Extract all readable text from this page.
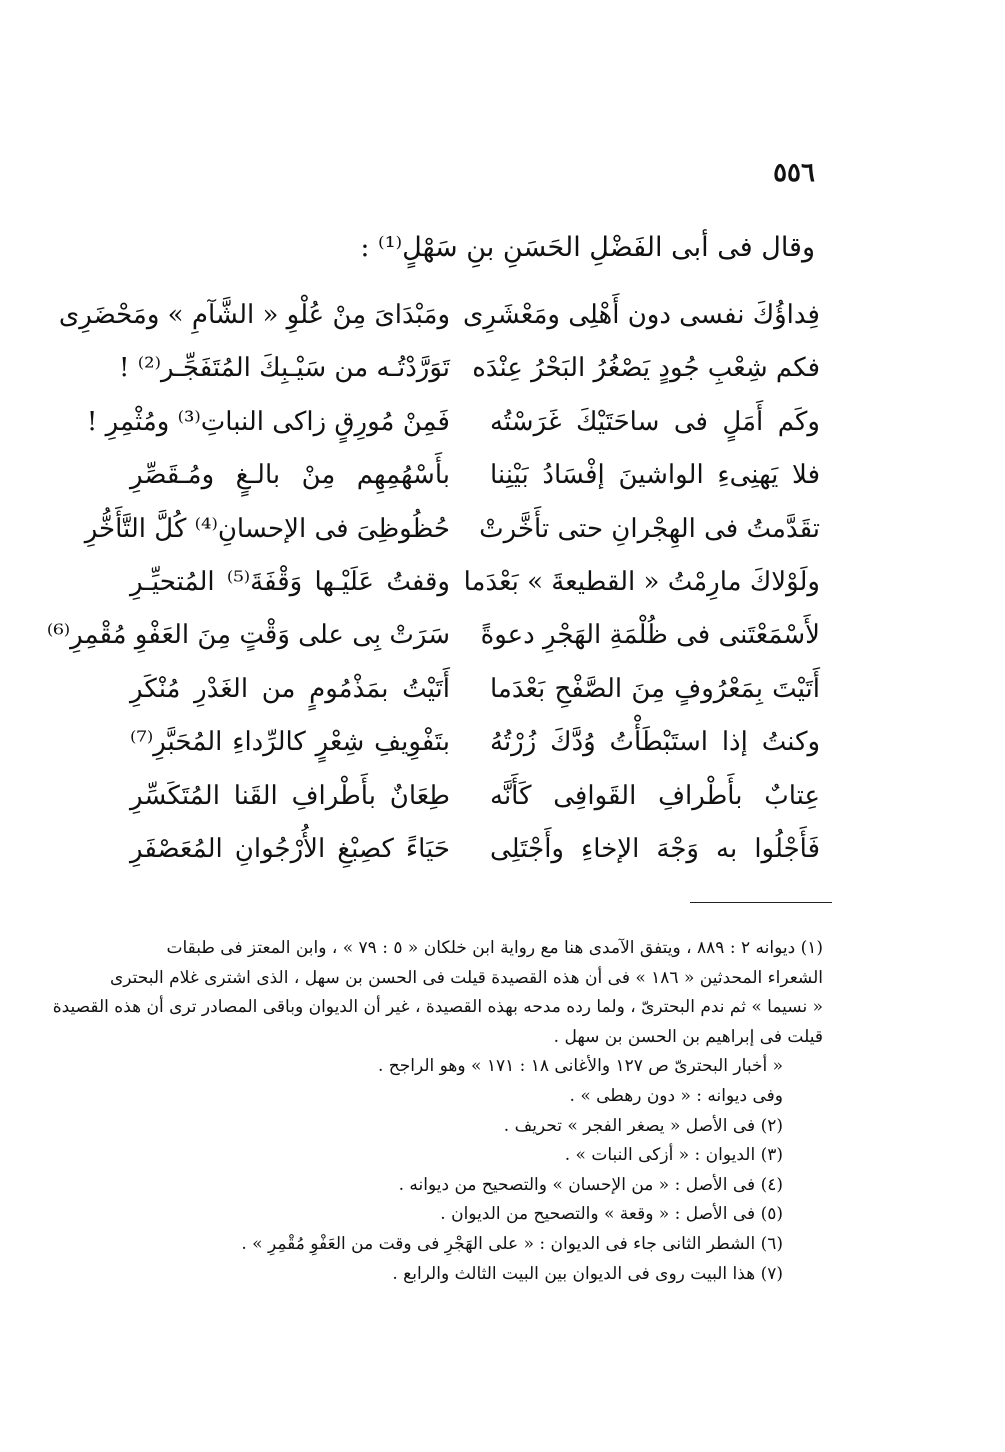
٥٥٦
وقال فى أبى الفَضْلِ الحَسَنِ بنِ سَهْلٍ⁽¹⁾ :
فِداؤُكَ نفسى دون أَهْلِى ومَعْشَرِى
ومَبْدَاىَ مِنْ عُلْوِ « الشَّآمِ » ومَحْضَرِى
فكم شِعْبِ جُودٍ يَصْغُرُ البَحْرُ عِنْدَه
تَوَرَّدْتُـه من سَيْـبِكَ المُتَفَجِّـر⁽²⁾ !
وكَم أَمَلٍ فى ساحَتَيْكَ غَرَسْتُه
فَمِنْ مُورِقٍ زاكى النباتِ⁽³⁾ ومُثْمِرِ !
فلا يَهنِىءِ الواشينَ إفْسَادُ بَيْنِنا
بأَسْهُمِهِم مِنْ بالـغٍ ومُـقَصِّرِ
تقَدَّمتُ فى الهِجْرانِ حتى تأَخَّرتْ
حُظُوظِىَ فى الإحسانِ⁽⁴⁾ كُلَّ التَّأَخُّرِ
ولَوْلاكَ مارِمْتُ « القطيعةَ » بَعْدَما
وقفتُ عَلَيْـها وَقْفَةَ⁽⁵⁾ المُتحيِّـرِ
لأَسْمَعْتَنى فى ظُلْمَةِ الهَجْرِ دعوةً
سَرَتْ بِى على وَقْتٍ مِنَ العَفْوِ مُقْمِرِ⁽⁶⁾
أَتَيْتَ بِمَعْرُوفٍ مِنَ الصَّفْحِ بَعْدَما
أَتَيْتُ بمَذْمُومٍ من الغَدْرِ مُنْكَرِ
وكنتُ إذا استَبْطَأْتُ وُدَّكَ زُرْتُهُ
بتَفْوِيفِ شِعْرٍ كالرِّداءِ المُحَبَّرِ⁽⁷⁾
عِتابٌ بأَطْرافِ القَوافِى كَأَنَّه
طِعَانٌ بأَطْرافِ القَنا المُتَكَسِّرِ
فَأَجْلُوا به وَجْهَ الإخاءِ وأَجْتَلِى
حَيَاءً كصِبْغِ الأُرْجُوانِ المُعَصْفَرِ

(١) ديوانه ٢ : ٨٨٩ ، ويتفق الآمدى هنا مع رواية ابن خلكان « ٥ : ٧٩ » ، وابن المعتز فى طبقات

الشعراء المحدثين « ١٨٦ » فى أن هذه القصيدة قيلت فى الحسن بن سهل ، الذى اشترى غلام البحترى

« نسيما » ثم ندم البحترىّ ، ولما رده مدحه بهذه القصيدة ، غير أن الديوان وباقى المصادر ترى أن هذه القصيدة

قيلت فى إبراهيم بن الحسن بن سهل .

« أخبار البحترىّ ص ١٢٧ والأغانى ١٨ : ١٧١ » وهو الراجح .

وفى ديوانه : « دون رهطى » .

(٢) فى الأصل « يصغر الفجر » تحريف .

(٣) الديوان : « أزكى النبات » .

(٤) فى الأصل : « من الإحسان » والتصحيح من ديوانه .

(٥) فى الأصل : « وقعة » والتصحيح من الديوان .

(٦) الشطر الثانى جاء فى الديوان : « على الهَجْرِ فى وقت من العَفْوِ مُقْمِرِ » .

(٧) هذا البيت روى فى الديوان بين البيت الثالث والرابع .
